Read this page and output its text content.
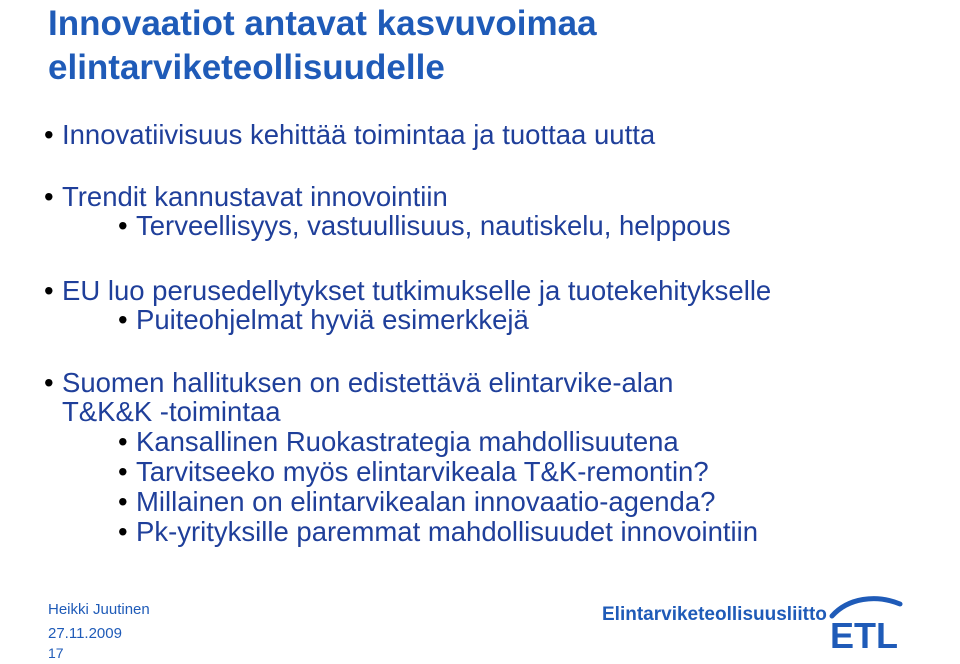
Innovaatiot antavat kasvuvoimaa
elintarviketeollisuudelle
• Innovatiivisuus kehittää toimintaa ja tuottaa uutta
• Trendit kannustavat innovointiin
• Terveellisyys, vastuullisuus, nautiskelu, helppous
• EU luo perusedellytykset tutkimukselle ja tuotekehitykselle
• Puiteohjelmat hyviä esimerkkejä
• Suomen hallituksen on edistettävä elintarvike-alan
T&K&K -toimintaa
• Kansallinen Ruokastrategia mahdollisuutena
• Tarvitseeko myös elintarvikeala T&K-remontin?
• Millainen on elintarvikealan innovaatio-agenda?
• Pk-yrityksille paremmat mahdollisuudet innovointiin
Heikki Juutinen
27.11.2009
17
Elintarviketeollisuusliitto
ETL
